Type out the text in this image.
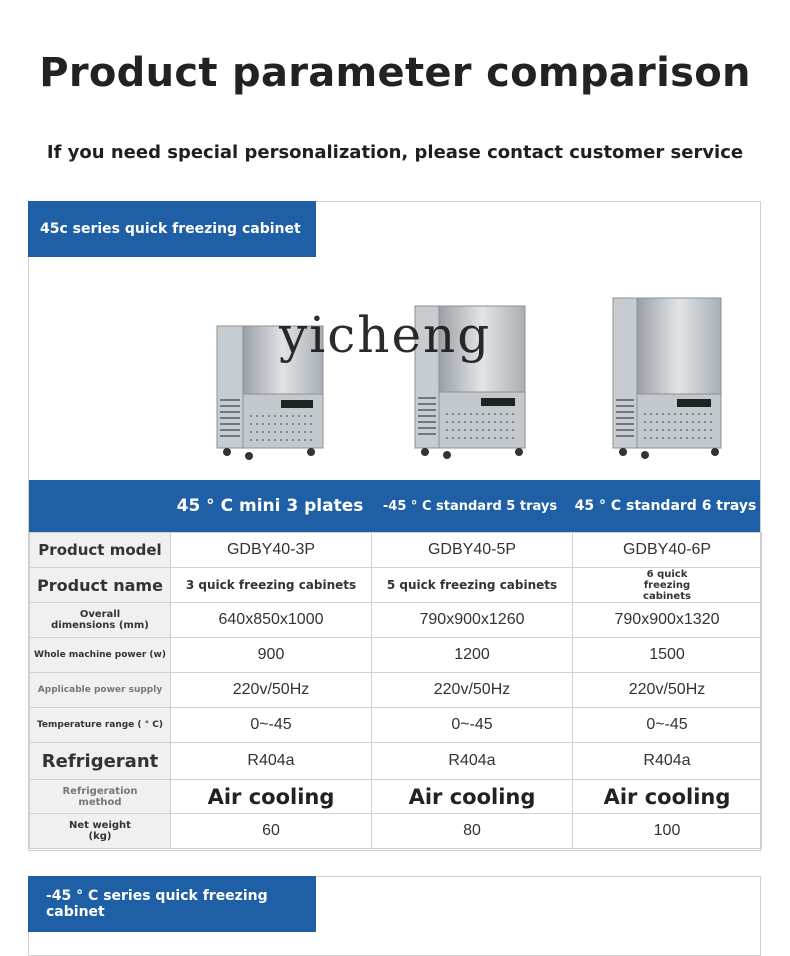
Product parameter comparison
If you need special personalization, please contact customer service
45c series quick freezing cabinet
yicheng
45 ° C mini 3 plates	-45 ° C standard 5 trays	45 ° C standard 6 trays
Product model	GDBY40-3P	GDBY40-5P	GDBY40-6P
Product name	3 quick freezing cabinets	5 quick freezing cabinets	6 quick freezing cabinets
Overall dimensions (mm)	640x850x1000	790x900x1260	790x900x1320
Whole machine power (w)	900	1200	1500
Applicable power supply	220v/50Hz	220v/50Hz	220v/50Hz
Temperature range ( ° C)	0~-45	0~-45	0~-45
Refrigerant	R404a	R404a	R404a
Refrigeration method	Air cooling	Air cooling	Air cooling
Net weight (kg)	60	80	100
-45 ° C series quick freezing cabinet
